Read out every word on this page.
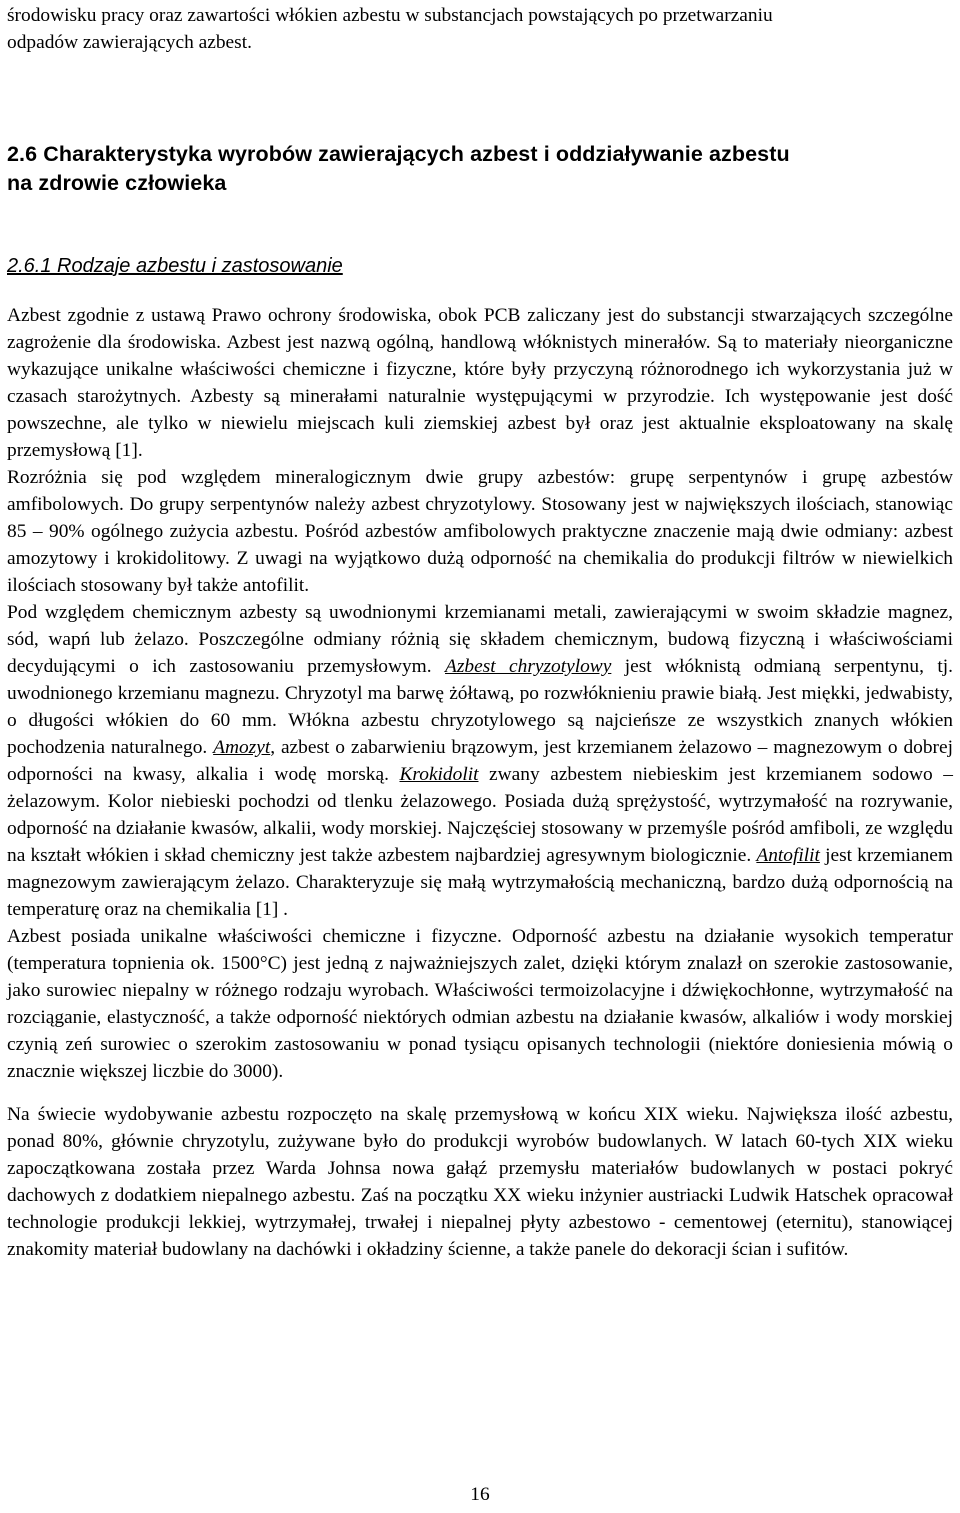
środowisku pracy oraz zawartości włókien azbestu w substancjach powstających po przetwarzaniu
odpadów zawierających azbest.

2.6 Charakterystyka wyrobów zawierających azbest i oddziaływanie azbestu
na zdrowie człowieka
2.6.1 Rodzaje azbestu i zastosowanie

Azbest zgodnie z ustawą Prawo ochrony środowiska, obok PCB zaliczany jest do substancji stwarzających szczególne zagrożenie dla środowiska. Azbest jest nazwą ogólną, handlową włóknistych minerałów. Są to materiały nieorganiczne wykazujące unikalne właściwości chemiczne i fizyczne, które były przyczyną różnorodnego ich wykorzystania już w czasach starożytnych. Azbesty są minerałami naturalnie występującymi w przyrodzie. Ich występowanie jest dość powszechne, ale tylko w niewielu miejscach kuli ziemskiej azbest był oraz jest aktualnie eksploatowany na skalę przemysłową [1].

Rozróżnia się pod względem mineralogicznym dwie grupy azbestów: grupę serpentynów i grupę azbestów amfibolowych. Do grupy serpentynów należy azbest chryzotylowy. Stosowany jest w największych ilościach, stanowiąc 85 – 90% ogólnego zużycia azbestu. Pośród azbestów amfibolowych praktyczne znaczenie mają dwie odmiany: azbest amozytowy i krokidolitowy. Z uwagi na wyjątkowo dużą odporność na chemikalia do produkcji filtrów w niewielkich ilościach stosowany był także antofilit.

Pod względem chemicznym azbesty są uwodnionymi krzemianami metali, zawierającymi w swoim składzie magnez, sód, wapń lub żelazo. Poszczególne odmiany różnią się składem chemicznym, budową fizyczną i właściwościami decydującymi o ich zastosowaniu przemysłowym. Azbest chryzotylowy jest włóknistą odmianą serpentynu, tj. uwodnionego krzemianu magnezu. Chryzotyl ma barwę żółtawą, po rozwłóknieniu prawie białą. Jest miękki, jedwabisty, o długości włókien do 60 mm. Włókna azbestu chryzotylowego są najcieńsze ze wszystkich znanych włókien pochodzenia naturalnego. Amozyt, azbest o zabarwieniu brązowym, jest krzemianem żelazowo – magnezowym o dobrej odporności na kwasy, alkalia i wodę morską. Krokidolit zwany azbestem niebieskim jest krzemianem sodowo – żelazowym. Kolor niebieski pochodzi od tlenku żelazowego. Posiada dużą sprężystość, wytrzymałość na rozrywanie, odporność na działanie kwasów, alkalii, wody morskiej. Najczęściej stosowany w przemyśle pośród amfiboli, ze względu na kształt włókien i skład chemiczny jest także azbestem najbardziej agresywnym biologicznie. Antofilit jest krzemianem magnezowym zawierającym żelazo. Charakteryzuje się małą wytrzymałością mechaniczną, bardzo dużą odpornością na temperaturę oraz na chemikalia [1] .

Azbest posiada unikalne właściwości chemiczne i fizyczne. Odporność azbestu na działanie wysokich temperatur (temperatura topnienia ok. 1500°C) jest jedną z najważniejszych zalet, dzięki którym znalazł on szerokie zastosowanie, jako surowiec niepalny w różnego rodzaju wyrobach. Właściwości termoizolacyjne i dźwiękochłonne, wytrzymałość na rozciąganie, elastyczność, a także odporność niektórych odmian azbestu na działanie kwasów, alkaliów i wody morskiej czynią zeń surowiec o szerokim zastosowaniu w ponad tysiącu opisanych technologii (niektóre doniesienia mówią o znacznie większej liczbie do 3000).

Na świecie wydobywanie azbestu rozpoczęto na skalę przemysłową w końcu XIX wieku. Największa ilość azbestu, ponad 80%, głównie chryzotylu, zużywane było do produkcji wyrobów budowlanych. W latach 60-tych XIX wieku zapoczątkowana została przez Warda Johnsa nowa gałąź przemysłu materiałów budowlanych w postaci pokryć dachowych z dodatkiem niepalnego azbestu. Zaś na początku XX wieku inżynier austriacki Ludwik Hatschek opracował technologie produkcji lekkiej, wytrzymałej, trwałej i niepalnej płyty azbestowo - cementowej (eternitu), stanowiącej znakomity materiał budowlany na dachówki i okładziny ścienne, a także panele do dekoracji ścian i sufitów.

16
